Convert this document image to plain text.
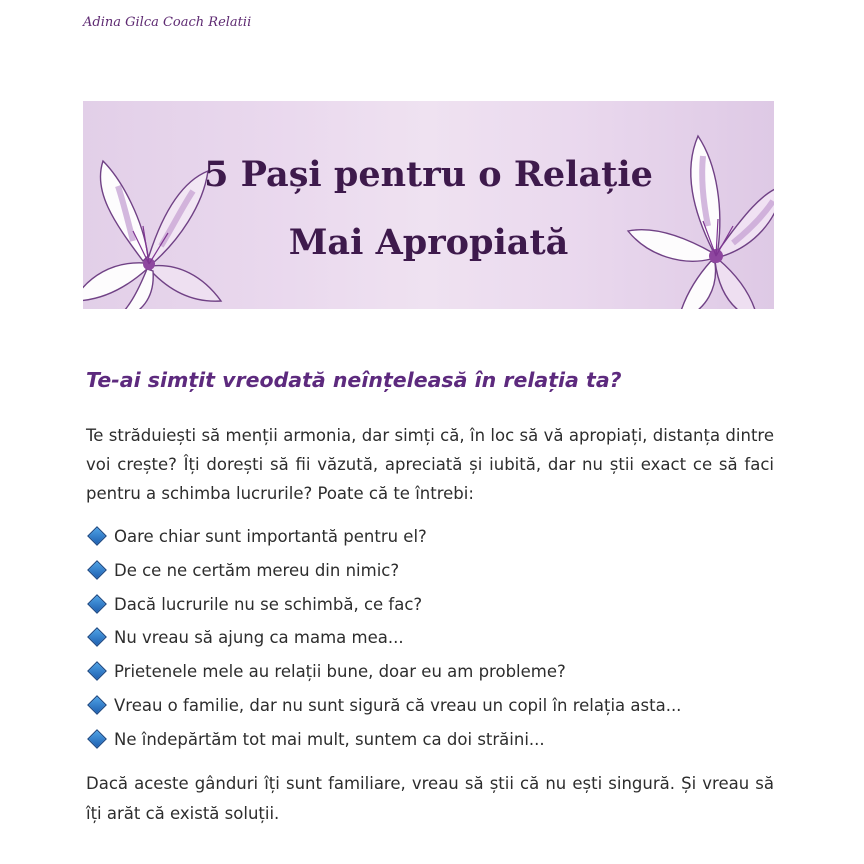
Adina Gilca Coach Relatii
5 Pași pentru o Relație
Mai Apropiată
Te-ai simțit vreodată neînțeleasă în relația ta?

Te străduiești să menții armonia, dar simți că, în loc să vă apropiați, distanța dintre voi crește? Îți dorești să fii văzută, apreciată și iubită, dar nu știi exact ce să faci pentru a schimba lucrurile? Poate că te întrebi:

Oare chiar sunt importantă pentru el?
De ce ne certăm mereu din nimic?
Dacă lucrurile nu se schimbă, ce fac?
Nu vreau să ajung ca mama mea...
Prietenele mele au relații bune, doar eu am probleme?
Vreau o familie, dar nu sunt sigură că vreau un copil în relația asta...
Ne îndepărtăm tot mai mult, suntem ca doi străini...

Dacă aceste gânduri îți sunt familiare, vreau să știi că nu ești singură. Și vreau să îți arăt că există soluții.
